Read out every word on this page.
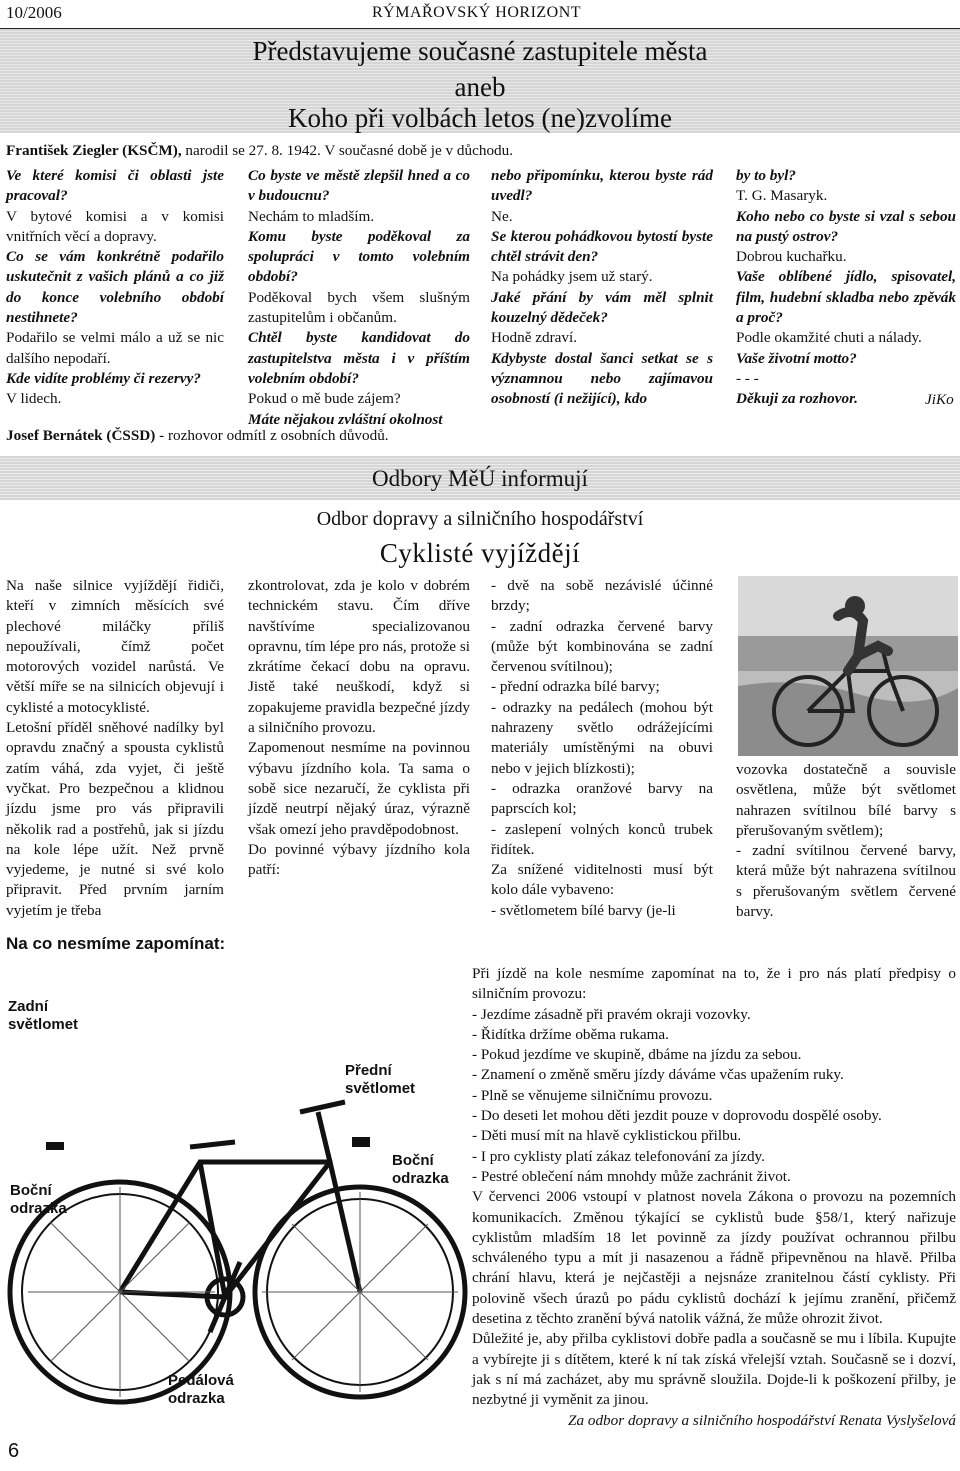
10/2006	RÝMAŘOVSKÝ HORIZONT
Představujeme současné zastupitele města
aneb
Koho při volbách letos (ne)zvolíme
František Ziegler (KSČM), narodil se 27. 8. 1942. V současné době je v důchodu.

Ve které komisi či oblasti jste pracoval?

V bytové komisi a v komisi vnitřních věcí a dopravy.

Co se vám konkrétně podařilo uskutečnit z vašich plánů a co již do konce volebního období nestihnete?

Podařilo se velmi málo a už se nic dalšího nepodaří.

Kde vidíte problémy či rezervy?

V lidech.

Co byste ve městě zlepšil hned a co v budoucnu?

Nechám to mladším.

Komu byste poděkoval za spolupráci v tomto volebním období?

Poděkoval bych všem slušným zastupitelům i občanům.

Chtěl byste kandidovat do zastupitelstva města i v příštím volebním období?

Pokud o mě bude zájem?

Máte nějakou zvláštní okolnost

nebo připomínku, kterou byste rád uvedl?

Ne.

Se kterou pohádkovou bytostí byste chtěl strávit den?

Na pohádky jsem už starý.

Jaké přání by vám měl splnit kouzelný dědeček?

Hodně zdraví.

Kdybyste dostal šanci setkat se s významnou nebo zajímavou osobností (i nežijící), kdo

by to byl?

T. G. Masaryk.

Koho nebo co byste si vzal s sebou na pustý ostrov?

Dobrou kuchařku.

Vaše oblíbené jídlo, spisovatel, film, hudební skladba nebo zpěvák a proč?

Podle okamžité chuti a nálady.

Vaše životní motto?

- - -

Děkuji za rozhovor.	JiKo
Josef Bernátek (ČSSD) - rozhovor odmítl z osobních důvodů.
Odbory MěÚ informují
Odbor dopravy a silničního hospodářství
Cyklisté vyjíždějí

Na naše silnice vyjíždějí řidiči, kteří v zimních měsících své plechové miláčky příliš nepoužívali, čímž počet motorových vozidel narůstá. Ve větší míře se na silnicích objevují i cyklisté a motocyklisté.

Letošní příděl sněhové nadílky byl opravdu značný a spousta cyklistů zatím váhá, zda vyjet, či ještě vyčkat. Pro bezpečnou a klidnou jízdu jsme pro vás připravili několik rad a postřehů, jak si jízdu na kole lépe užít. Než prvně vyjedeme, je nutné si své kolo připravit. Před prvním jarním vyjetím je třeba

zkontrolovat, zda je kolo v dobrém technickém stavu. Čím dříve navštívíme specializovanou opravnu, tím lépe pro nás, protože si zkrátíme čekací dobu na opravu. Jistě také neuškodí, když si zopakujeme pravidla bezpečné jízdy a silničního provozu.

Zapomenout nesmíme na povinnou výbavu jízdního kola. Ta sama o sobě sice nezaručí, že cyklista při jízdě neutrpí nějaký úraz, výrazně však omezí jeho pravděpodobnost.

Do povinné výbavy jízdního kola patří:

- dvě na sobě nezávislé účinné brzdy;

- zadní odrazka červené barvy (může být kombinována se zadní červenou svítilnou);

- přední odrazka bílé barvy;

- odrazky na pedálech (mohou být nahrazeny světlo odrážejícími materiály umístěnými na obuvi nebo v jejich blízkosti);

- odrazka oranžové barvy na paprscích kol;

- zaslepení volných konců trubek řidítek.

Za snížené viditelnosti musí být kolo dále vybaveno:

- světlometem bílé barvy (je-li

vozovka dostatečně a souvisle osvětlena, může být světlomet nahrazen svítilnou bílé barvy s přerušovaným světlem);

- zadní svítilnou červené barvy, která může být nahrazena svítilnou s přerušovaným světlem červené barvy.

Na co nesmíme zapomínat:
Zadní
světlomet
Přední
světlomet
Boční
odrazka
Boční
odrazka
Pedálová
odrazka

Při jízdě na kole nesmíme zapomínat na to, že i pro nás platí předpisy o silničním provozu:

- Jezdíme zásadně při pravém okraji vozovky.

- Řidítka držíme oběma rukama.

- Pokud jezdíme ve skupině, dbáme na jízdu za sebou.

- Znamení o změně směru jízdy dáváme včas upažením ruky.

- Plně se věnujeme silničnímu provozu.

- Do deseti let mohou děti jezdit pouze v doprovodu dospělé osoby.

- Děti musí mít na hlavě cyklistickou přilbu.

- I pro cyklisty platí zákaz telefonování za jízdy.

- Pestré oblečení nám mnohdy může zachránit život.

V červenci 2006 vstoupí v platnost novela Zákona o provozu na pozemních komunikacích. Změnou týkající se cyklistů bude §58/1, který nařizuje cyklistům mladším 18 let povinně za jízdy používat ochrannou přilbu schváleného typu a mít ji nasazenou a řádně připevněnou na hlavě. Přilba chrání hlavu, která je nejčastěji a nejsnáze zranitelnou částí cyklisty. Při polovině všech úrazů po pádu cyklistů dochází k jejímu zranění, přičemž desetina z těchto zranění bývá natolik vážná, že může ohrozit život.

Důležité je, aby přilba cyklistovi dobře padla a současně se mu i líbila. Kupujte a vybírejte ji s dítětem, které k ní tak získá vřelejší vztah. Současně se i dozví, jak s ní má zacházet, aby mu správně sloužila. Dojde-li k poškození přilby, je nezbytné ji vyměnit za jinou.

Za odbor dopravy a silničního hospodářství Renata Vyslyšelová

6
